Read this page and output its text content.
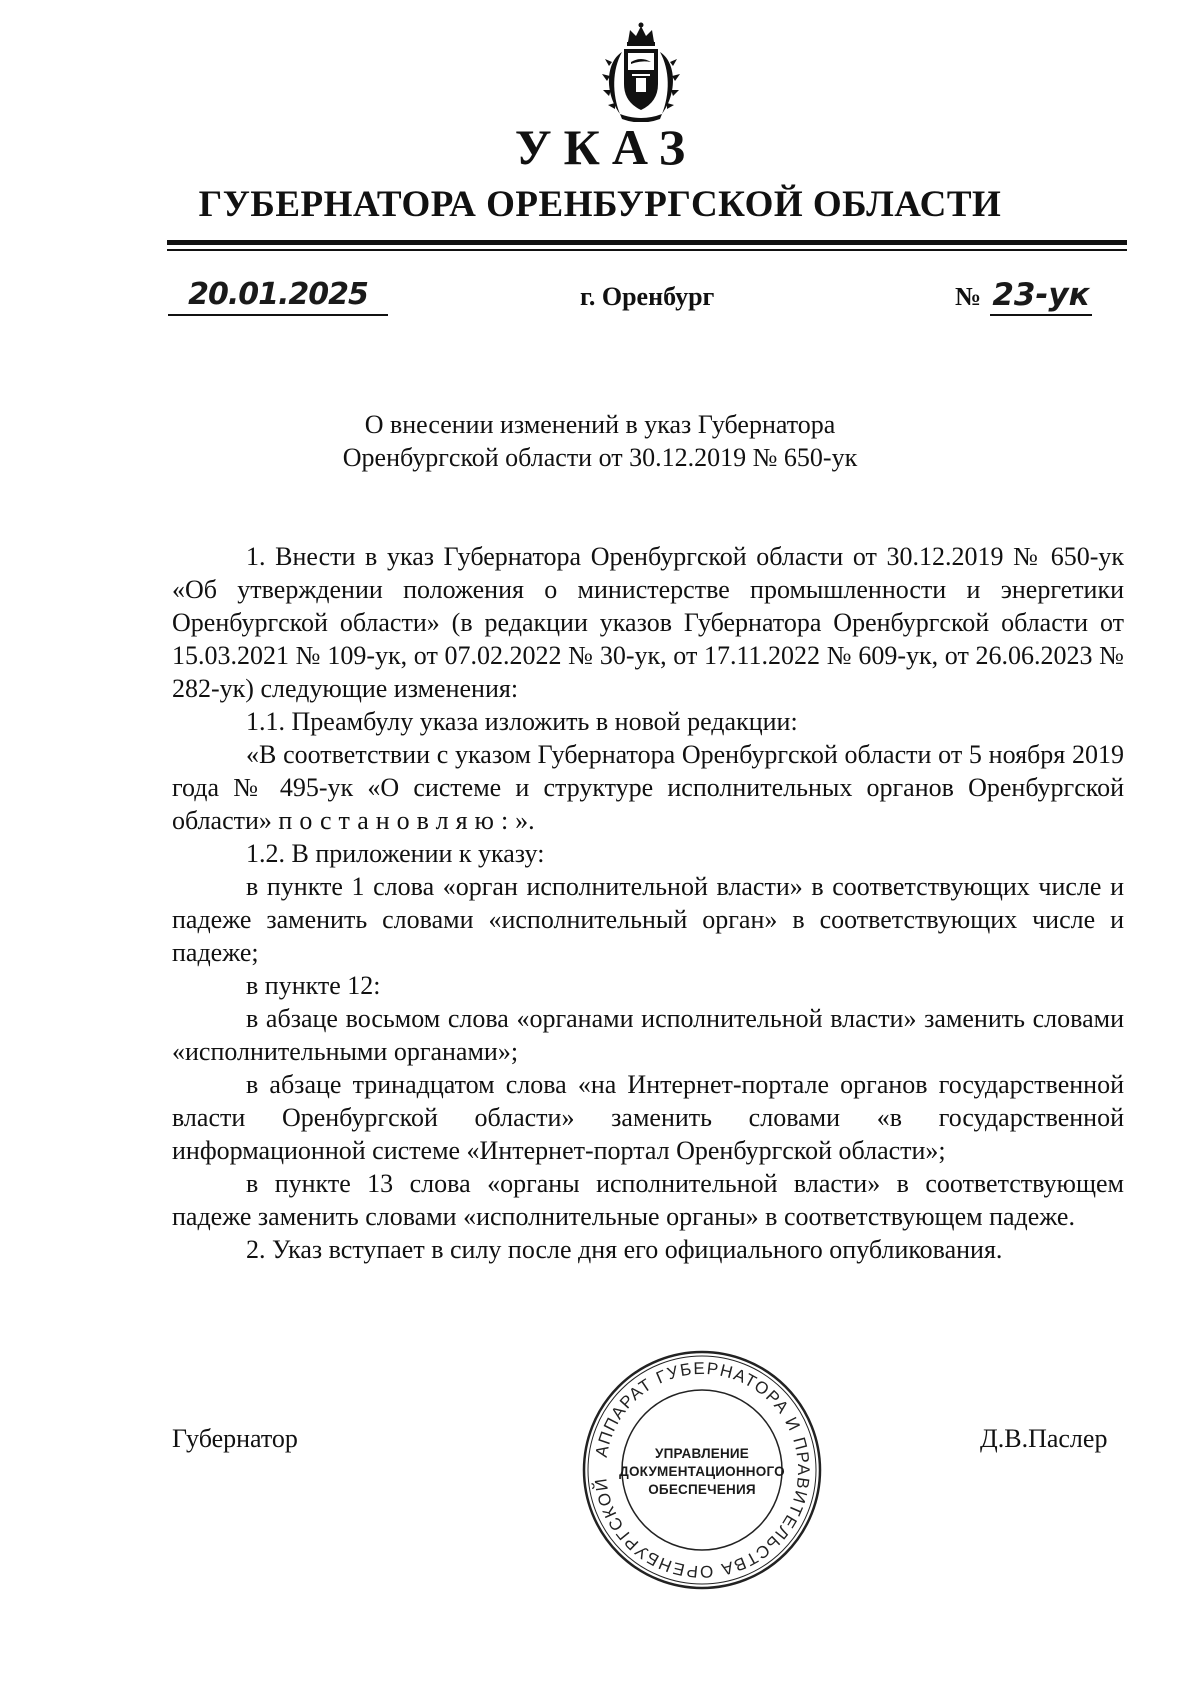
УКАЗ
ГУБЕРНАТОРА ОРЕНБУРГСКОЙ ОБЛАСТИ
20.01.2025	г. Оренбург	№ 23-ук
О внесении изменений в указ Губернатора
Оренбургской области от 30.12.2019 № 650-ук

1. Внести в указ Губернатора Оренбургской области от 30.12.2019 № 650-ук «Об утверждении положения о министерстве промышленности и энергетики Оренбургской области» (в редакции указов Губернатора Оренбургской области от 15.03.2021 № 109-ук, от 07.02.2022 № 30-ук, от 17.11.2022 № 609-ук, от 26.06.2023 № 282-ук) следующие изменения:

1.1. Преамбулу указа изложить в новой редакции:

«В соответствии с указом Губернатора Оренбургской области от 5 ноября 2019 года № 495-ук «О системе и структуре исполнительных органов Оренбургской области» постановляю:».

1.2. В приложении к указу:

в пункте 1 слова «орган исполнительной власти» в соответствующих числе и падеже заменить словами «исполнительный орган» в соответствующих числе и падеже;

в пункте 12:

в абзаце восьмом слова «органами исполнительной власти» заменить словами «исполнительными органами»;

в абзаце тринадцатом слова «на Интернет-портале органов государственной власти Оренбургской области» заменить словами «в государственной информационной системе «Интернет-портал Оренбургской области»;

в пункте 13 слова «органы исполнительной власти» в соответствующем падеже заменить словами «исполнительные органы» в соответствующем падеже.

2. Указ вступает в силу после дня его официального опубликования.

Губернатор	Д.В.Паслер
АППАРАТ ГУБЕРНАТОРА И ПРАВИТЕЛЬСТВА ОРЕНБУРГСКОЙ
УПРАВЛЕНИЕ
ДОКУМЕНТАЦИОННОГО
ОБЕСПЕЧЕНИЯ
